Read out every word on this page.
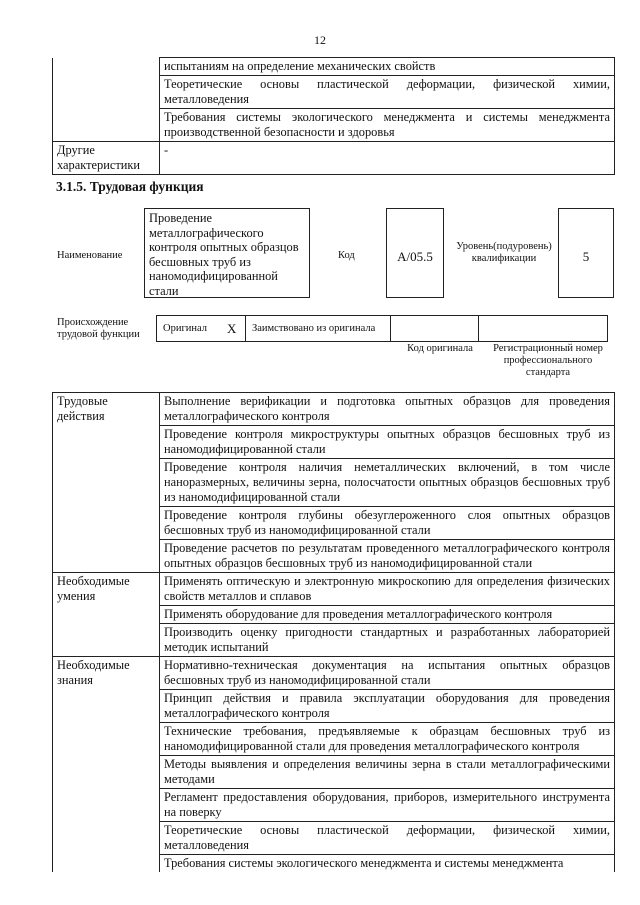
12
	испытаниям на определение механических свойств
	Теоретические основы пластической деформации, физической химии, металловедения
	Требования системы экологического менеджмента и системы менеджмента производственной безопасности и здоровья
Другие характеристики	-
3.1.5. Трудовая функция
Наименование
Проведение металлографического контроля опытных образцов бесшовных труб из наномодифицированной стали
Код	A/05.5
Уровень(подуровень) квалификации	5
Происхождение трудовой функции
Оригинал	X	Заимствовано из оригинала		
Код оригинала	Регистрационный номер профессионального стандарта
Трудовые действия	Выполнение верификации и подготовка опытных образцов для проведения металлографического контроля
	Проведение контроля микроструктуры опытных образцов бесшовных труб из наномодифицированной стали
	Проведение контроля наличия неметаллических включений, в том числе наноразмерных, величины зерна, полосчатости опытных образцов бесшовных труб из наномодифицированной стали
	Проведение контроля глубины обезуглероженного слоя опытных образцов бесшовных труб из наномодифицированной стали
	Проведение расчетов по результатам проведенного металлографического контроля опытных образцов бесшовных труб из наномодифицированной стали
Необходимые умения	Применять оптическую и электронную микроскопию для определения физических свойств металлов и сплавов
	Применять оборудование для проведения металлографического контроля
	Производить оценку пригодности стандартных и разработанных лабораторией методик испытаний
Необходимые знания	Нормативно-техническая документация на испытания опытных образцов бесшовных труб из наномодифицированной стали
	Принцип действия и правила эксплуатации оборудования для проведения металлографического контроля
	Технические требования, предъявляемые к образцам бесшовных труб из наномодифицированной стали для проведения металлографического контроля
	Методы выявления и определения величины зерна в стали металлографическими методами
	Регламент предоставления оборудования, приборов, измерительного инструмента на поверку
	Теоретические основы пластической деформации, физической химии, металловедения
	Требования системы экологического менеджмента и системы менеджмента
